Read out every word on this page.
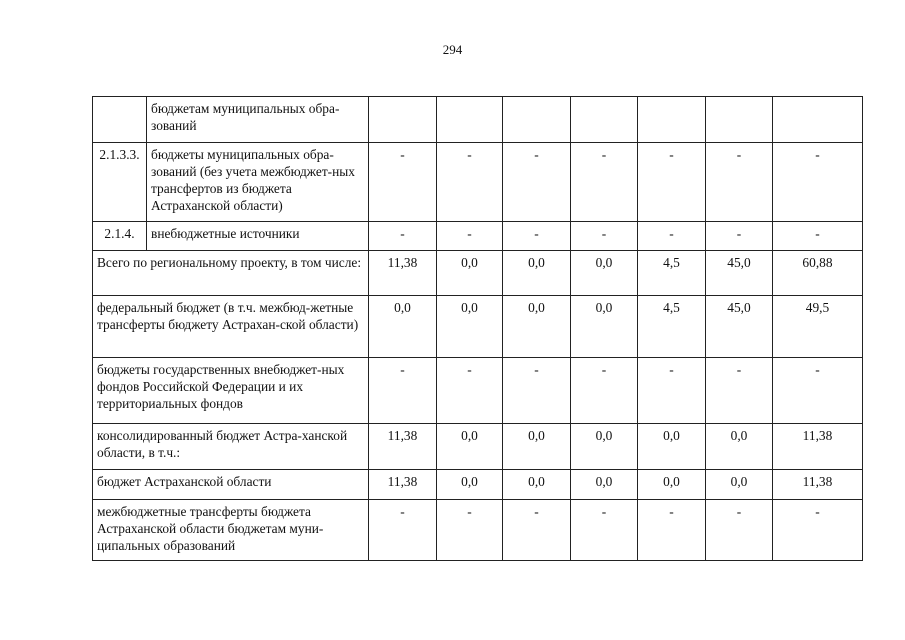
294
	бюджетам муниципальных обра-зований							
2.1.3.3.	бюджеты муниципальных обра-зований (без учета межбюджет-ных трансфертов из бюджета Астраханской области)	-	-	-	-	-	-	-
2.1.4.	внебюджетные источники	-	-	-	-	-	-	-
Всего по региональному проекту, в том числе:		11,38	0,0	0,0	0,0	4,5	45,0	60,88
федеральный бюджет (в т.ч. межбюд-жетные трансферты бюджету Астрахан-ской области)		0,0	0,0	0,0	0,0	4,5	45,0	49,5
бюджеты государственных внебюджет-ных фондов Российской Федерации и их территориальных фондов		-	-	-	-	-	-	-
консолидированный бюджет Астра-ханской области, в т.ч.:		11,38	0,0	0,0	0,0	0,0	0,0	11,38
бюджет Астраханской области		11,38	0,0	0,0	0,0	0,0	0,0	11,38
межбюджетные трансферты бюджета Астраханской области бюджетам муни-ципальных образований		-	-	-	-	-	-	-
